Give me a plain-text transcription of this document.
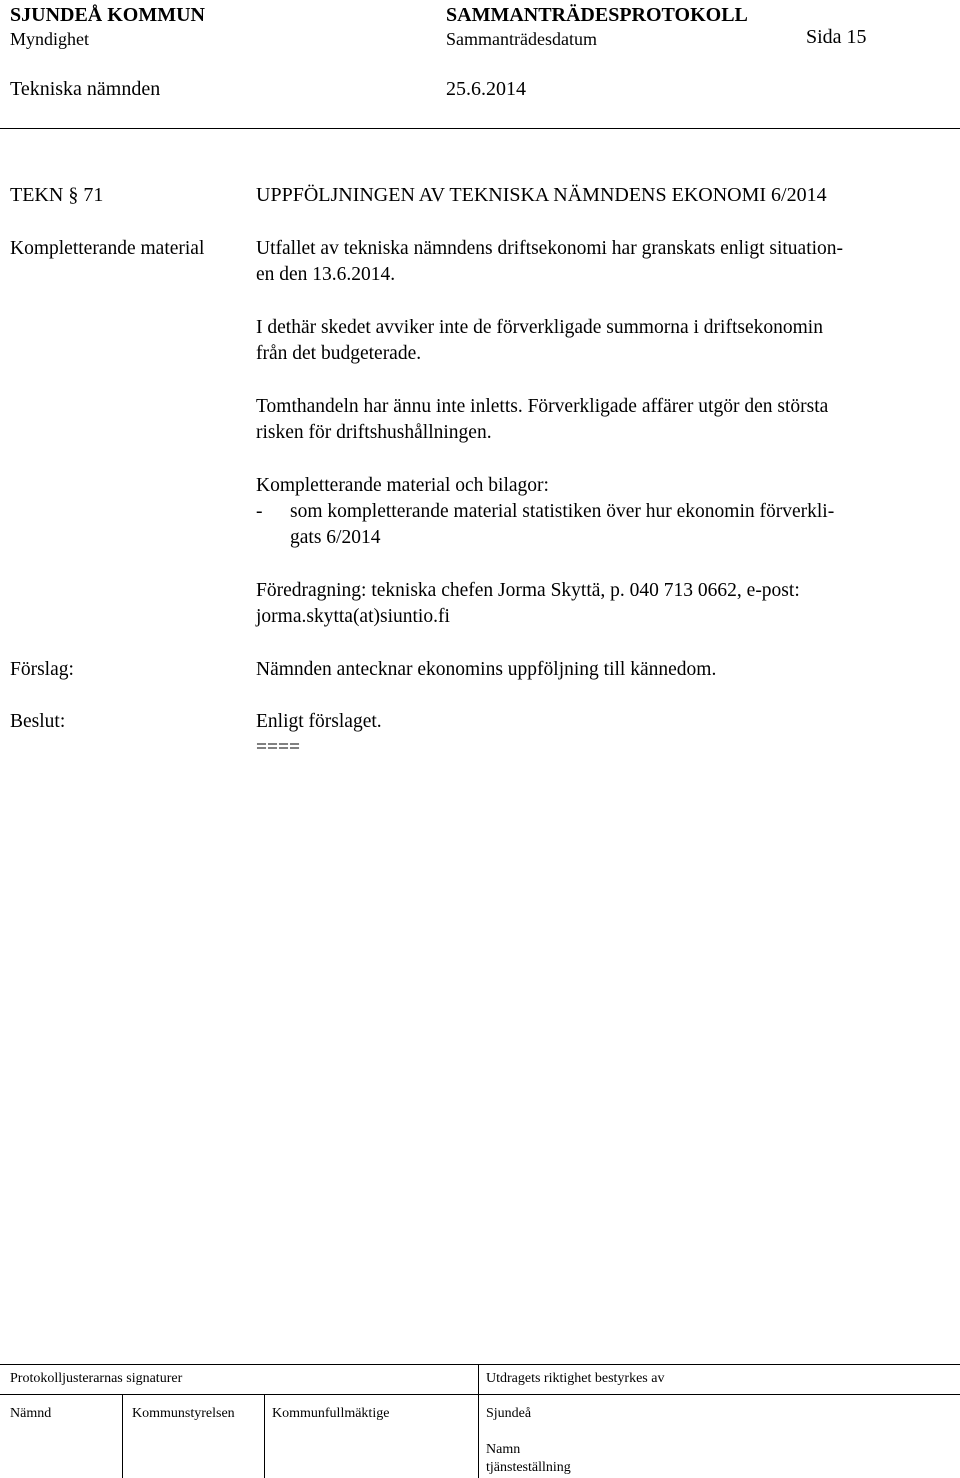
SJUNDEÅ KOMMUN	SAMMANTRÄDESPROTOKOLL
Myndighet	Sammanträdesdatum	Sida 15
Tekniska nämnden	25.6.2014
TEKN § 71	UPPFÖLJNINGEN AV TEKNISKA NÄMNDENS EKONOMI 6/2014
Kompletterande material	Utfallet av tekniska nämndens driftsekonomi har granskats enligt situation-
en den 13.6.2014.
I dethär skedet avviker inte de förverkligade summorna i driftsekonomin
från det budgeterade.
Tomthandeln har ännu inte inletts. Förverkligade affärer utgör den största
risken för driftshushållningen.
Kompletterande material och bilagor:
- som kompletterande material statistiken över hur ekonomin förverkli-
gats 6/2014
Föredragning: tekniska chefen Jorma Skyttä, p. 040 713 0662, e-post:
jorma.skytta(at)siuntio.fi
Förslag:	Nämnden antecknar ekonomins uppföljning till kännedom.
Beslut:	Enligt förslaget.
====
Protokolljusterarnas signaturer	Utdragets riktighet bestyrkes av
Nämnd	Kommunstyrelsen	Kommunfullmäktige	Sjundeå
Namn
tjänsteställning
